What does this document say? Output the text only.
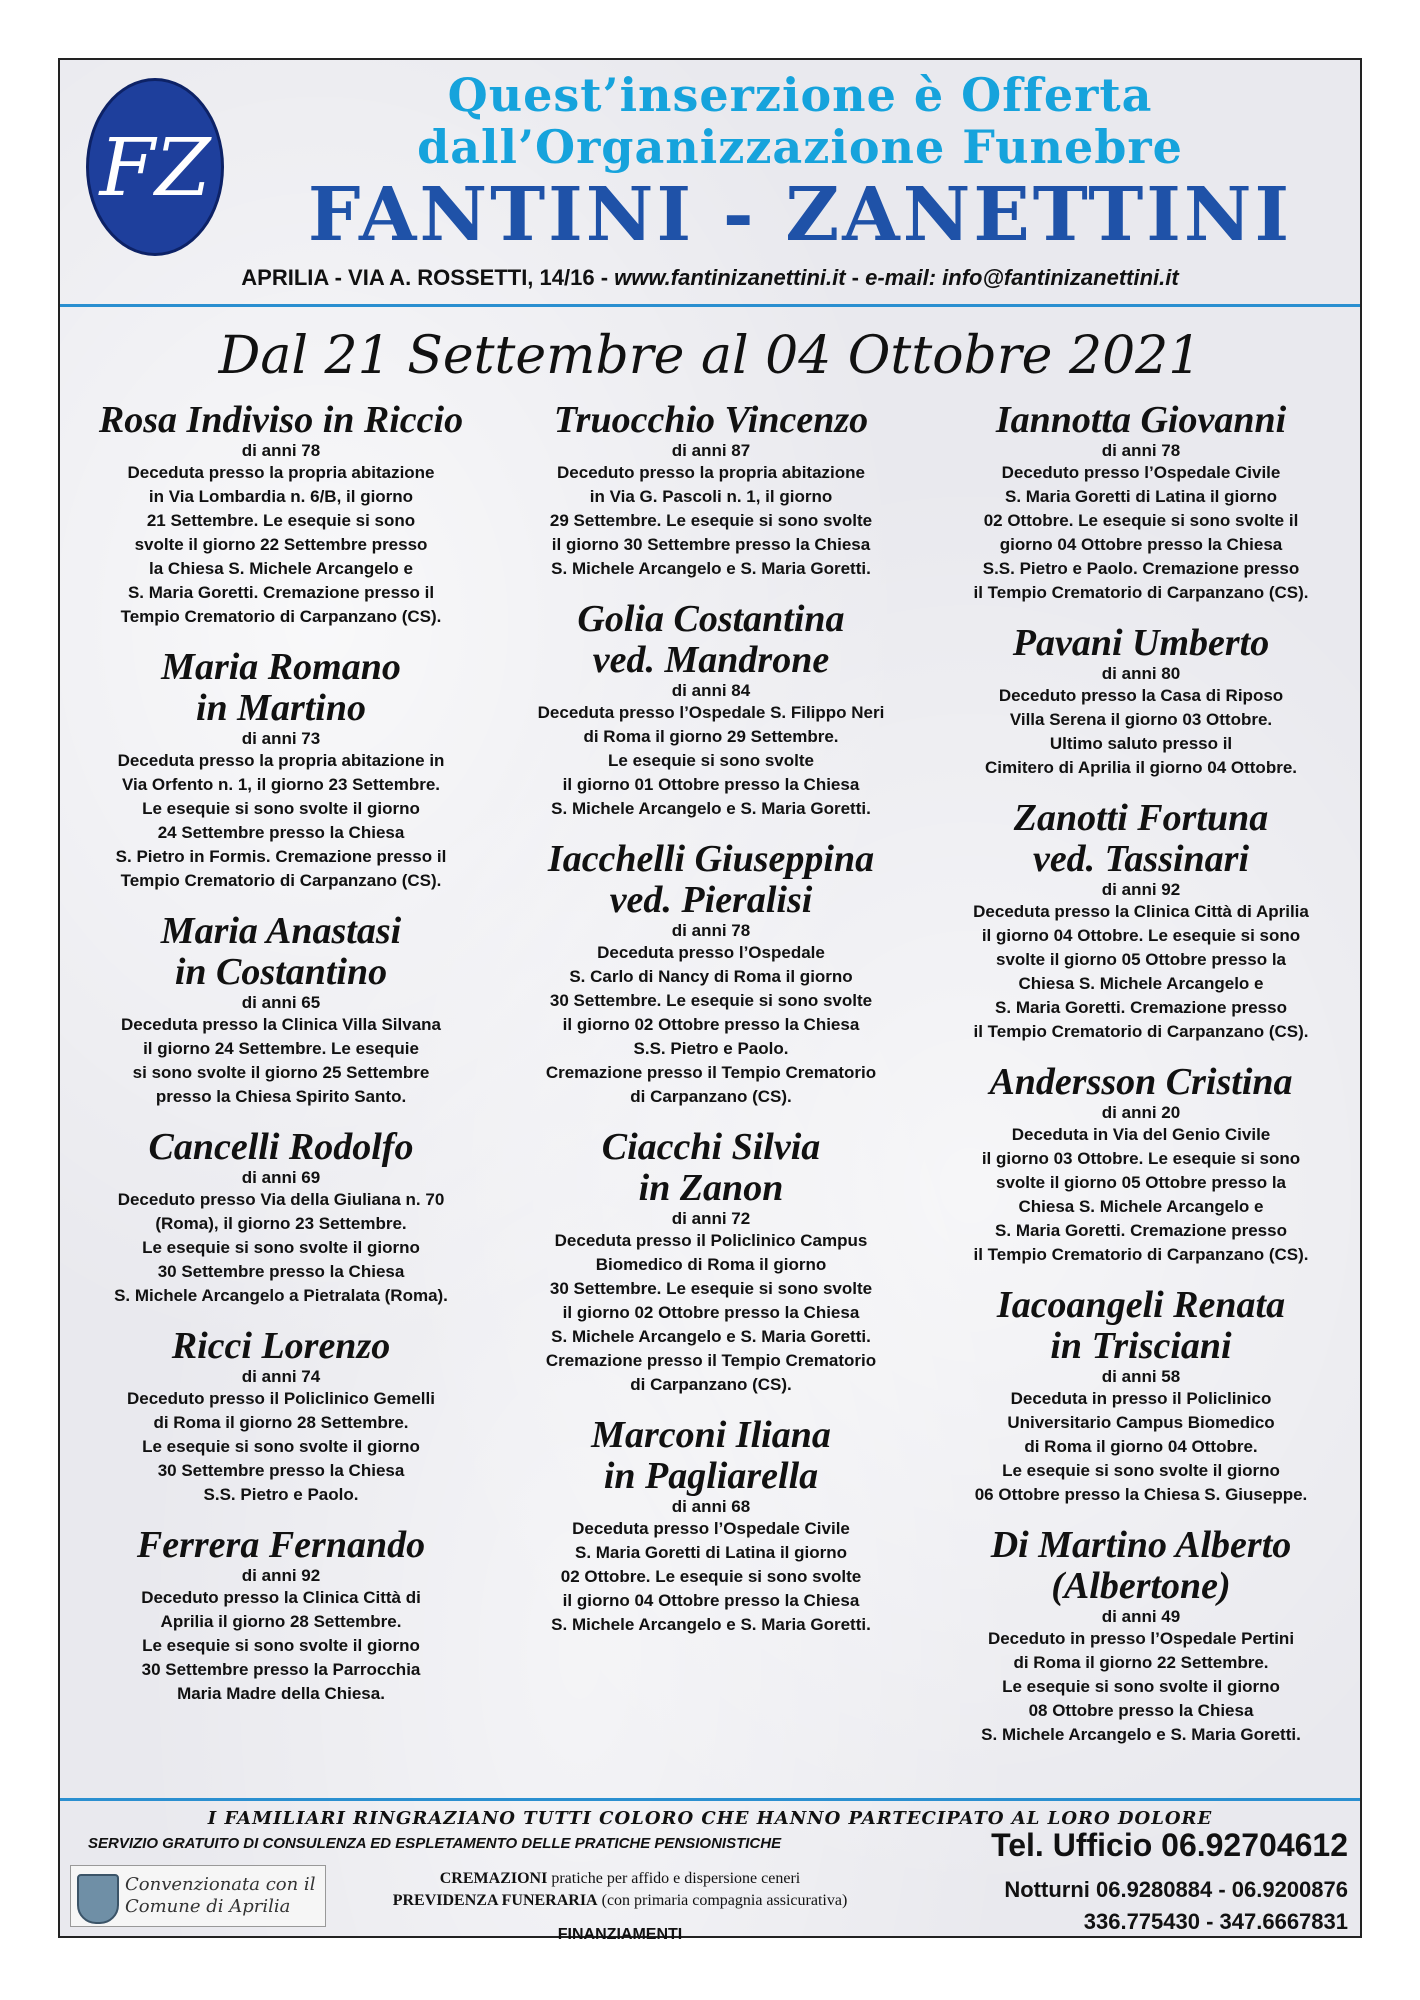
FZ
Quest’inserzione è Offerta
dall’Organizzazione Funebre
FANTINI - ZANETTINI
APRILIA - VIA A. ROSSETTI, 14/16 - www.fantinizanettini.it - e-mail: info@fantinizanettini.it
Dal 21 Settembre al 04 Ottobre 2021
Rosa Indiviso in Riccio
di anni 78
Deceduta presso la propria abitazione
in Via Lombardia n. 6/B, il giorno
21 Settembre. Le esequie si sono
svolte il giorno 22 Settembre presso
la Chiesa S. Michele Arcangelo e
S. Maria Goretti. Cremazione presso il
Tempio Crematorio di Carpanzano (CS).
Maria Romano
in Martino
di anni 73
Deceduta presso la propria abitazione in
Via Orfento n. 1, il giorno 23 Settembre.
Le esequie si sono svolte il giorno
24 Settembre presso la Chiesa
S. Pietro in Formis. Cremazione presso il
Tempio Crematorio di Carpanzano (CS).
Maria Anastasi
in Costantino
di anni 65
Deceduta presso la Clinica Villa Silvana
il giorno 24 Settembre. Le esequie
si sono svolte il giorno 25 Settembre
presso la Chiesa Spirito Santo.
Cancelli Rodolfo
di anni 69
Deceduto presso Via della Giuliana n. 70
(Roma), il giorno 23 Settembre.
Le esequie si sono svolte il giorno
30 Settembre presso la Chiesa
S. Michele Arcangelo a Pietralata (Roma).
Ricci Lorenzo
di anni 74
Deceduto presso il Policlinico Gemelli
di Roma il giorno 28 Settembre.
Le esequie si sono svolte il giorno
30 Settembre presso la Chiesa
S.S. Pietro e Paolo.
Ferrera Fernando
di anni 92
Deceduto presso la Clinica Città di
Aprilia il giorno 28 Settembre.
Le esequie si sono svolte il giorno
30 Settembre presso la Parrocchia
Maria Madre della Chiesa.
Truocchio Vincenzo
di anni 87
Deceduto presso la propria abitazione
in Via G. Pascoli n. 1, il giorno
29 Settembre. Le esequie si sono svolte
il giorno 30 Settembre presso la Chiesa
S. Michele Arcangelo e S. Maria Goretti.
Golia Costantina
ved. Mandrone
di anni 84
Deceduta presso l’Ospedale S. Filippo Neri
di Roma il giorno 29 Settembre.
Le esequie si sono svolte
il giorno 01 Ottobre presso la Chiesa
S. Michele Arcangelo e S. Maria Goretti.
Iacchelli Giuseppina
ved. Pieralisi
di anni 78
Deceduta presso l’Ospedale
S. Carlo di Nancy di Roma il giorno
30 Settembre. Le esequie si sono svolte
il giorno 02 Ottobre presso la Chiesa
S.S. Pietro e Paolo.
Cremazione presso il Tempio Crematorio
di Carpanzano (CS).
Ciacchi Silvia
in Zanon
di anni 72
Deceduta presso il Policlinico Campus
Biomedico di Roma il giorno
30 Settembre. Le esequie si sono svolte
il giorno 02 Ottobre presso la Chiesa
S. Michele Arcangelo e S. Maria Goretti.
Cremazione presso il Tempio Crematorio
di Carpanzano (CS).
Marconi Iliana
in Pagliarella
di anni 68
Deceduta presso l’Ospedale Civile
S. Maria Goretti di Latina il giorno
02 Ottobre. Le esequie si sono svolte
il giorno 04 Ottobre presso la Chiesa
S. Michele Arcangelo e S. Maria Goretti.
Iannotta Giovanni
di anni 78
Deceduto presso l’Ospedale Civile
S. Maria Goretti di Latina il giorno
02 Ottobre. Le esequie si sono svolte il
giorno 04 Ottobre presso la Chiesa
S.S. Pietro e Paolo. Cremazione presso
il Tempio Crematorio di Carpanzano (CS).
Pavani Umberto
di anni 80
Deceduto presso la Casa di Riposo
Villa Serena il giorno 03 Ottobre.
Ultimo saluto presso il
Cimitero di Aprilia il giorno 04 Ottobre.
Zanotti Fortuna
ved. Tassinari
di anni 92
Deceduta presso la Clinica Città di Aprilia
il giorno 04 Ottobre. Le esequie si sono
svolte il giorno 05 Ottobre presso la
Chiesa S. Michele Arcangelo e
S. Maria Goretti. Cremazione presso
il Tempio Crematorio di Carpanzano (CS).
Andersson Cristina
di anni 20
Deceduta in Via del Genio Civile
il giorno 03 Ottobre. Le esequie si sono
svolte il giorno 05 Ottobre presso la
Chiesa S. Michele Arcangelo e
S. Maria Goretti. Cremazione presso
il Tempio Crematorio di Carpanzano (CS).
Iacoangeli Renata
in Trisciani
di anni 58
Deceduta in presso il Policlinico
Universitario Campus Biomedico
di Roma il giorno 04 Ottobre.
Le esequie si sono svolte il giorno
06 Ottobre presso la Chiesa S. Giuseppe.
Di Martino Alberto (Albertone)
di anni 49
Deceduto in presso l’Ospedale Pertini
di Roma il giorno 22 Settembre.
Le esequie si sono svolte il giorno
08 Ottobre presso la Chiesa
S. Michele Arcangelo e S. Maria Goretti.
I FAMILIARI RINGRAZIANO TUTTI COLORO CHE HANNO PARTECIPATO AL LORO DOLORE
SERVIZIO GRATUITO DI CONSULENZA ED ESPLETAMENTO DELLE PRATICHE PENSIONISTICHE
Convenzionata con il
Comune di Aprilia
CREMAZIONI pratiche per affido e dispersione ceneri
PREVIDENZA FUNERARIA (con primaria compagnia assicurativa)
FINANZIAMENTI
Tel. Ufficio 06.92704612
Notturni 06.9280884 - 06.9200876
336.775430 - 347.6667831
